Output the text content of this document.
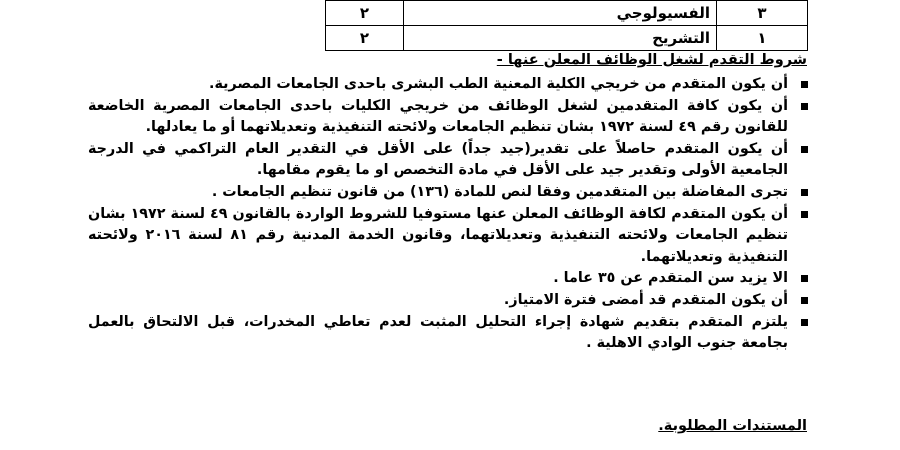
٣	الفسيولوجي	٢
١	التشريح	٢
شروط التقدم لشغل الوظائف المعلن عنها -
أن يكون المتقدم من خريجي الكلية المعنية الطب البشرى باحدى الجامعات المصرية.
أن يكون كافة المتقدمين لشغل الوظائف من خريجي الكليات باحدى الجامعات المصرية الخاضعة للقانون رقم ٤٩ لسنة ١٩٧٢ بشان تنظيم الجامعات ولائحته التنفيذية وتعديلاتهما أو ما يعادلها.
أن يكون المتقدم حاصلاً على تقدير(جيد جداً) على الأقل في التقدير العام التراكمي في الدرجة الجامعية الأولى وتقدير جيد على الأقل في مادة التخصص او ما يقوم مقامها.
تجرى المفاضلة بين المتقدمين وفقا لنص للمادة (١٣٦) من قانون تنظيم الجامعات .
أن يكون المتقدم لكافة الوظائف المعلن عنها مستوفيا للشروط الواردة بالقانون ٤٩ لسنة ١٩٧٢ بشان تنظيم الجامعات ولائحته التنفيذية وتعديلاتهما، وقانون الخدمة المدنية رقم ٨١ لسنة ٢٠١٦ ولائحته التنفيذية وتعديلاتهما.
الا يزيد سن المتقدم عن ٣٥ عاما .
أن يكون المتقدم قد أمضى فترة الامتياز.
يلتزم المتقدم بتقديم شهادة إجراء التحليل المثبت لعدم تعاطي المخدرات، قبل الالتحاق بالعمل بجامعة جنوب الوادي الاهلية .
المستندات المطلوبة.
